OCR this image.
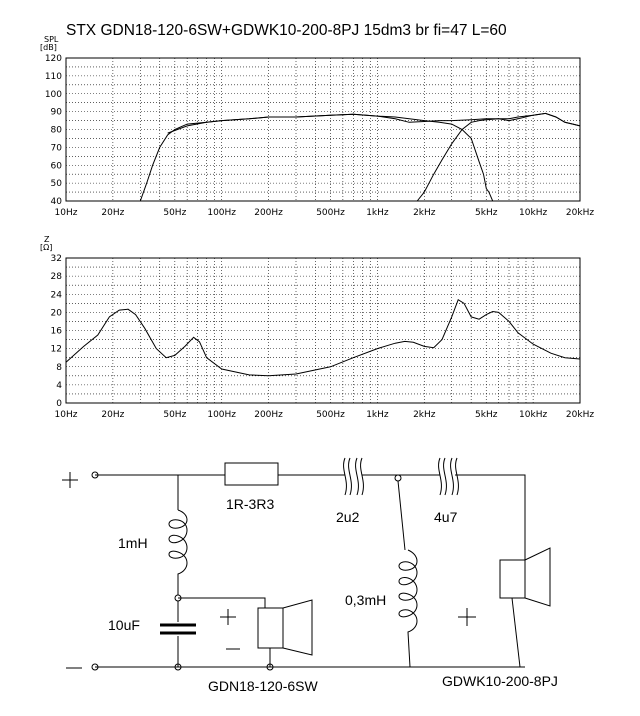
STX GDN18-120-6SW+GDWK10-200-8PJ 15dm3 br fi=47 L=60
40
50
60
70
80
90
100
110
120
10Hz	20Hz	50Hz 100Hz 200Hz	500Hz 1kHz	2kHz	5kHz 10kHz 20kHz
SPL
[dB]
0
4
8
12
16
20
24
28
32
10Hz	20Hz	50Hz 100Hz 200Hz	500Hz 1kHz	2kHz	5kHz 10kHz 20kHz
Z
[Ω]
1R-3R3
2u2	4u7
1mH
0,3mH
10uF
GDN18-120-6SW	GDWK10-200-8PJ
